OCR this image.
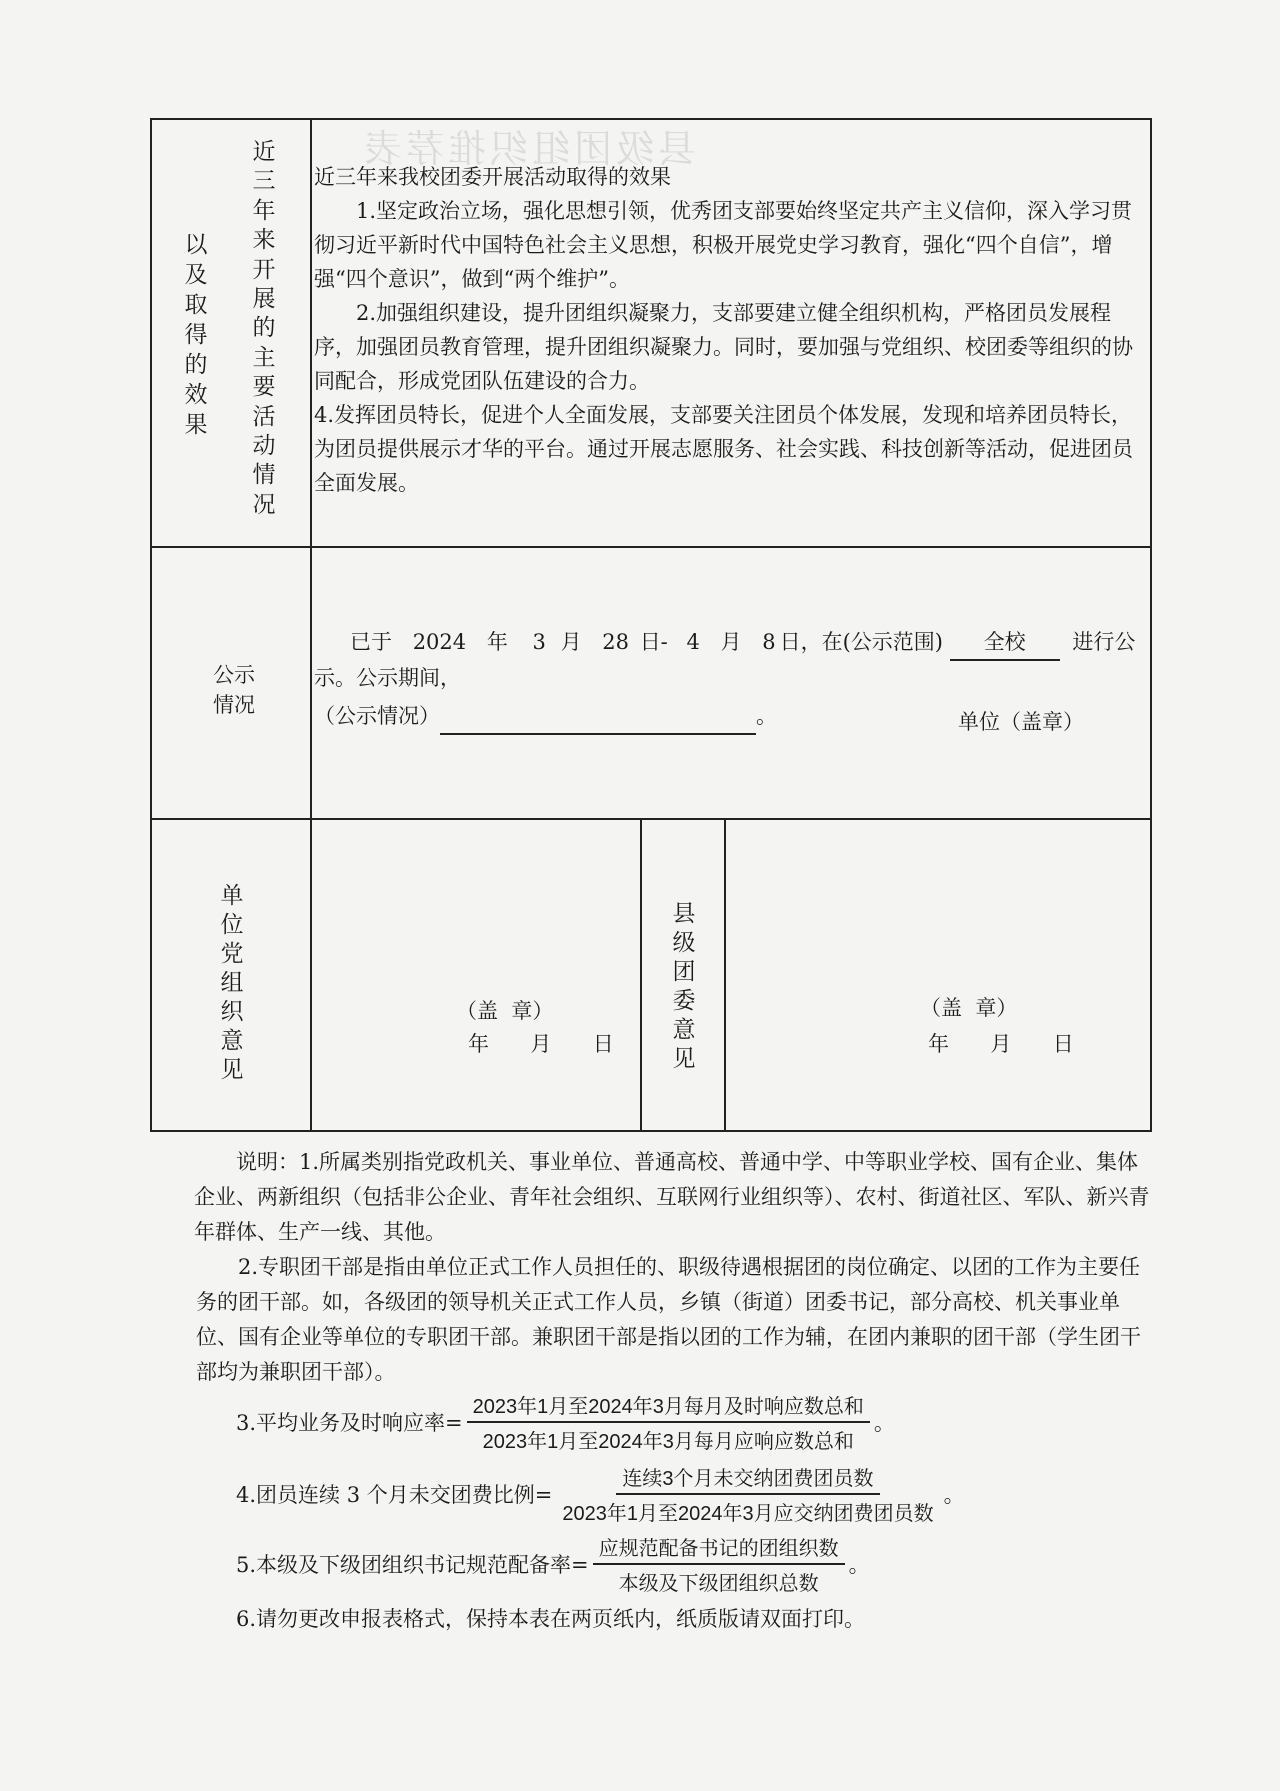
县级团组织推荐表
以及取得的效果
近三年来开展的主要活动情况
近三年来我校团委开展活动取得的效果
1.坚定政治立场，强化思想引领，优秀团支部要始终坚定共产主义信仰，深入学习贯彻习近平新时代中国特色社会主义思想，积极开展党史学习教育，强化“四个自信”，增强“四个意识”，做到“两个维护”。
2.加强组织建设，提升团组织凝聚力，支部要建立健全组织机构，严格团员发展程序，加强团员教育管理，提升团组织凝聚力。同时，要加强与党组织、校团委等组织的协同配合，形成党团队伍建设的合力。
4.发挥团员特长，促进个人全面发展，支部要关注团员个体发展，发现和培养团员特长，为团员提供展示才华的平台。通过开展志愿服务、社会实践、科技创新等活动，促进团员全面发展。
公示情况
已于 2024 年 3 月 28 日- 4 月 8 日，在(公示范围) 全校 进行公示。公示期间，
（公示情况）	。	单位（盖章）
单位党组织意见
（盖  章）
年  月  日
县级团委意见
（盖  章）
年  月  日
说明：1.所属类别指党政机关、事业单位、普通高校、普通中学、中等职业学校、国有企业、集体企业、两新组织（包括非公企业、青年社会组织、互联网行业组织等）、农村、街道社区、军队、新兴青年群体、生产一线、其他。
2.专职团干部是指由单位正式工作人员担任的、职级待遇根据团的岗位确定、以团的工作为主要任务的团干部。如，各级团的领导机关正式工作人员，乡镇（街道）团委书记，部分高校、机关事业单位、国有企业等单位的专职团干部。兼职团干部是指以团的工作为辅，在团内兼职的团干部（学生团干部均为兼职团干部）。
3.平均业务及时响应率= $\frac{\text{2023年1月至2024年3月每月及时响应数总和}}{\text{2023年1月至2024年3月每月应响应数总和}}$ 。
4.团员连续 3 个月未交团费比例= $\frac{\text{连续3个月未交纳团费团员数}}{\text{2023年1月至2024年3月应交纳团费团员数}}$ 。
5.本级及下级团组织书记规范配备率= $\frac{\text{应规范配备书记的团组织数}}{\text{本级及下级团组织总数}}$ 。
6.请勿更改申报表格式，保持本表在两页纸内，纸质版请双面打印。
